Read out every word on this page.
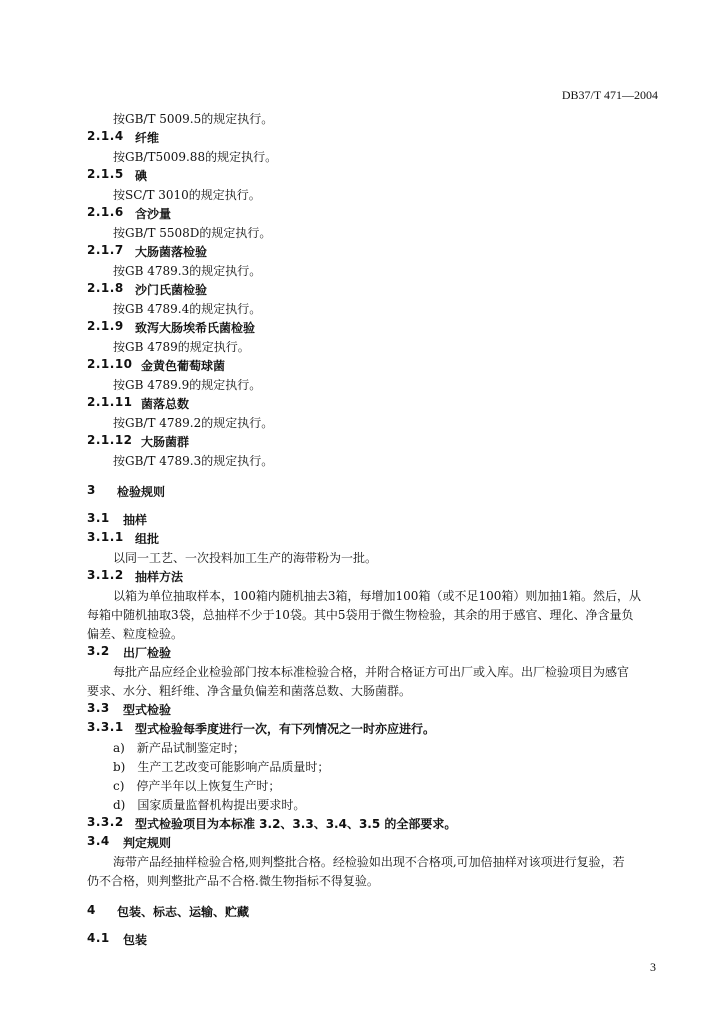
DB37/T 471—2004
按GB/T 5009.5的规定执行。
2.1.4 纤维
按GB/T5009.88的规定执行。
2.1.5 碘
按SC/T 3010的规定执行。
2.1.6 含沙量
按GB/T 5508D的规定执行。
2.1.7 大肠菌落检验
按GB 4789.3的规定执行。
2.1.8 沙门氏菌检验
按GB 4789.4的规定执行。
2.1.9 致泻大肠埃希氏菌检验
按GB 4789的规定执行。
2.1.10 金黄色葡萄球菌
按GB 4789.9的规定执行。
2.1.11 菌落总数
按GB/T 4789.2的规定执行。
2.1.12 大肠菌群
按GB/T 4789.3的规定执行。
3 检验规则
3.1 抽样
3.1.1 组批
以同一工艺、一次投料加工生产的海带粉为一批。
3.1.2 抽样方法
以箱为单位抽取样本，100箱内随机抽去3箱，每增加100箱（或不足100箱）则加抽1箱。然后，从
每箱中随机抽取3袋，总抽样不少于10袋。其中5袋用于微生物检验，其余的用于感官、理化、净含量负
偏差、粒度检验。
3.2 出厂检验
每批产品应经企业检验部门按本标准检验合格，并附合格证方可出厂或入库。出厂检验项目为感官
要求、水分、粗纤维、净含量负偏差和菌落总数、大肠菌群。
3.3 型式检验
3.3.1 型式检验每季度进行一次，有下列情况之一时亦应进行。
a)　新产品试制鉴定时；
b)　生产工艺改变可能影响产品质量时；
c)　停产半年以上恢复生产时；
d)　国家质量监督机构提出要求时。
3.3.2 型式检验项目为本标准 3.2、3.3、3.4、3.5 的全部要求。
3.4 判定规则
海带产品经抽样检验合格,则判整批合格。经检验如出现不合格项,可加倍抽样对该项进行复验，若
仍不合格，则判整批产品不合格.微生物指标不得复验。
4 包装、标志、运输、贮藏
4.1 包装
3
